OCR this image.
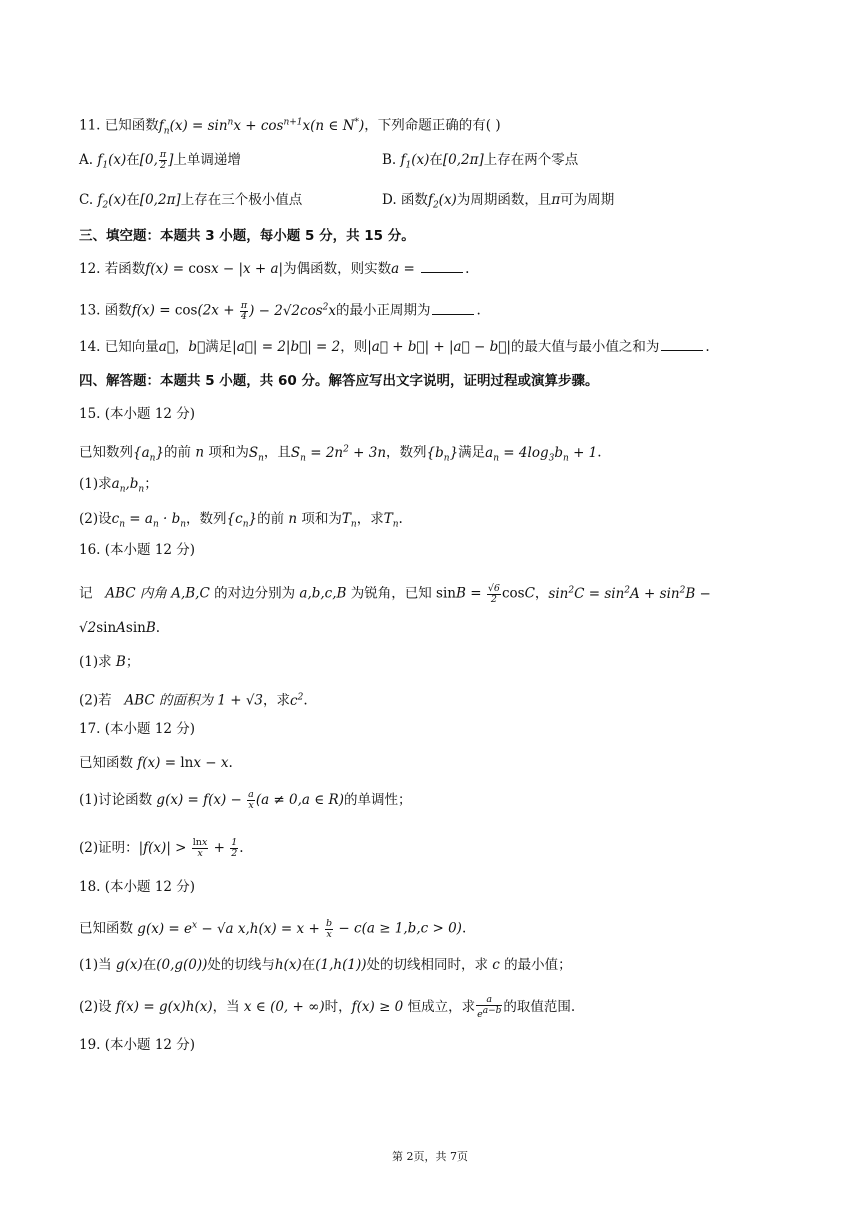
11. 已知函数$f_n(x) = \sin^nx + \cos^{n+1}x(n$ ∈ N*)，下列命题正确的有( )
A. $f_1(x)$在[0, $\frac{\pi}{2}$ ]上单调递增	B. $f_1(x)$在[0,2π]上存在两个零点
C. $f_2(x)$在[0,2π]上存在三个极小值点	D. 函数$f_2(x)$为周期函数，且π可为周期
三、填空题：本题共 3 小题，每小题 5 分，共 15 分。
12. 若函数f(x) = cosx − |x + a|为偶函数，则实数a =	.
13. 函数$f(x) = \cos(2x + \frac{\pi}{4}$ ) − $2√2\cos^2x$的最小正周期为	.
14. 已知向量a⃗，b⃗满足|a⃗| = 2|b⃗| = 2，则|a⃗ + b⃗| + |a⃗ − b⃗|的最大值与最小值之和为	.
四、解答题：本题共 5 小题，共 60 分。解答应写出文字说明，证明过程或演算步骤。
15. (本小题 12 分)
已知数列$\{a_n\}$的前 n 项和为$S_n$，且$S_n = 2n^2 + 3n$，数列$\{b_n\}$满足$a_n = 4\log_3b_n + 1$.
(1)求$a_n,b_n$；
(2)设$c_n = a_n \cdot b_n$，数列$\{c_n\}$的前 n 项和为$T_n$，求$T_n$.
16. (本小题 12 分)
记 ABC 内角 A,B,C 的对边分别为 a,b,c,B 为锐角，已知 $\sin B = \frac{√6}{2}$ cosC，$\sin^2C = \sin^2A + \sin^2B$ −
√2sinAsinB.
(1)求 B；
(2)若 ABC 的面积为 1 + √3，求$c^2$.
17. (本小题 12 分)
已知函数 f(x) = lnx − x.
(1)讨论函数 $g(x) = f(x) - \frac{a}{x} (a \ne 0,a$ ∈ R)的单调性；
(2)证明：$|f(x)| > \frac{\ln x}{x} + \frac{1}{2}$ .
18. (本小题 12 分)
已知函数 $g(x) = e^x - √a$ $x,h(x) = x + \frac{b}{x} - c(a \ge 1,b,c > 0)$.
(1)当 g(x)在(0,g(0))处的切线与h(x)在(1,h(1))处的切线相同时，求 c 的最小值；
(2)设 f(x) = g(x)h(x)，当 x ∈ (0, + ∞)时，f(x) ≥ 0 恒成立，求 $\frac{a}{ea-b}$ 的取值范围.
19. (本小题 12 分)
第 2页，共 7页
